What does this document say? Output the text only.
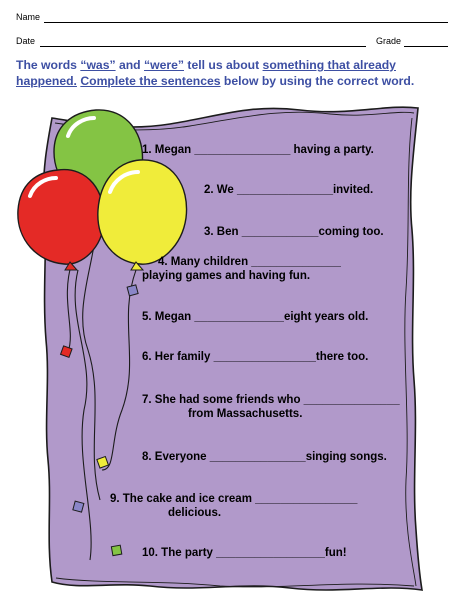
Name
Date	Grade
The words “was” and “were” tell us about something that already
happened. Complete the sentences below by using the correct word.
1. Megan _______________ having a party.
2. We _______________invited.
3. Ben ____________coming too.
4. Many children ______________
playing games and having fun.
5. Megan ______________eight years old.
6. Her family ________________there too.
7. She had some friends who _______________
from Massachusetts.
8. Everyone _______________singing songs.
9. The cake and ice cream ________________
delicious.
10. The party _________________fun!
